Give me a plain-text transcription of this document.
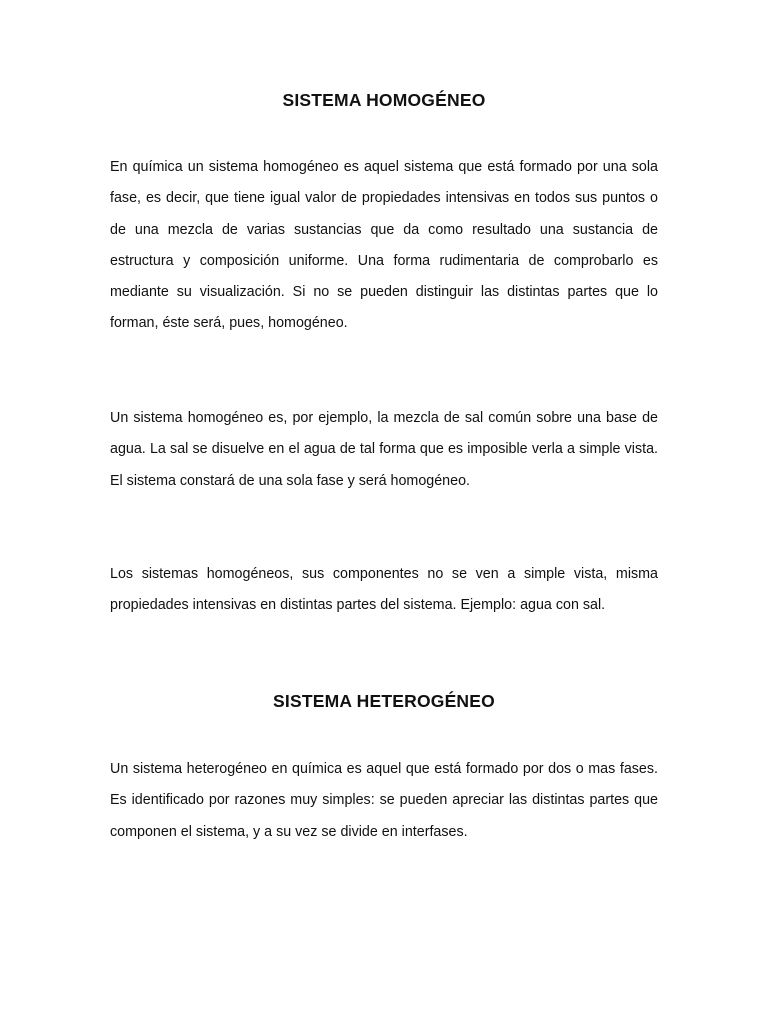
SISTEMA HOMOGÉNEO

En química un sistema homogéneo es aquel sistema que está formado por una sola fase, es decir, que tiene igual valor de propiedades intensivas en todos sus puntos o de una mezcla de varias sustancias que da como resultado una sustancia de estructura y composición uniforme. Una forma rudimentaria de comprobarlo es mediante su visualización. Si no se pueden distinguir las distintas partes que lo forman, éste será, pues, homogéneo.

Un sistema homogéneo es, por ejemplo, la mezcla de sal común sobre una base de agua. La sal se disuelve en el agua de tal forma que es imposible verla a simple vista. El sistema constará de una sola fase y será homogéneo.

Los sistemas homogéneos, sus componentes no se ven a simple vista, misma propiedades intensivas en distintas partes del sistema. Ejemplo: agua con sal.

SISTEMA HETEROGÉNEO

Un sistema heterogéneo en química es aquel que está formado por dos o mas fases. Es identificado por razones muy simples: se pueden apreciar las distintas partes que componen el sistema, y a su vez se divide en interfases.
